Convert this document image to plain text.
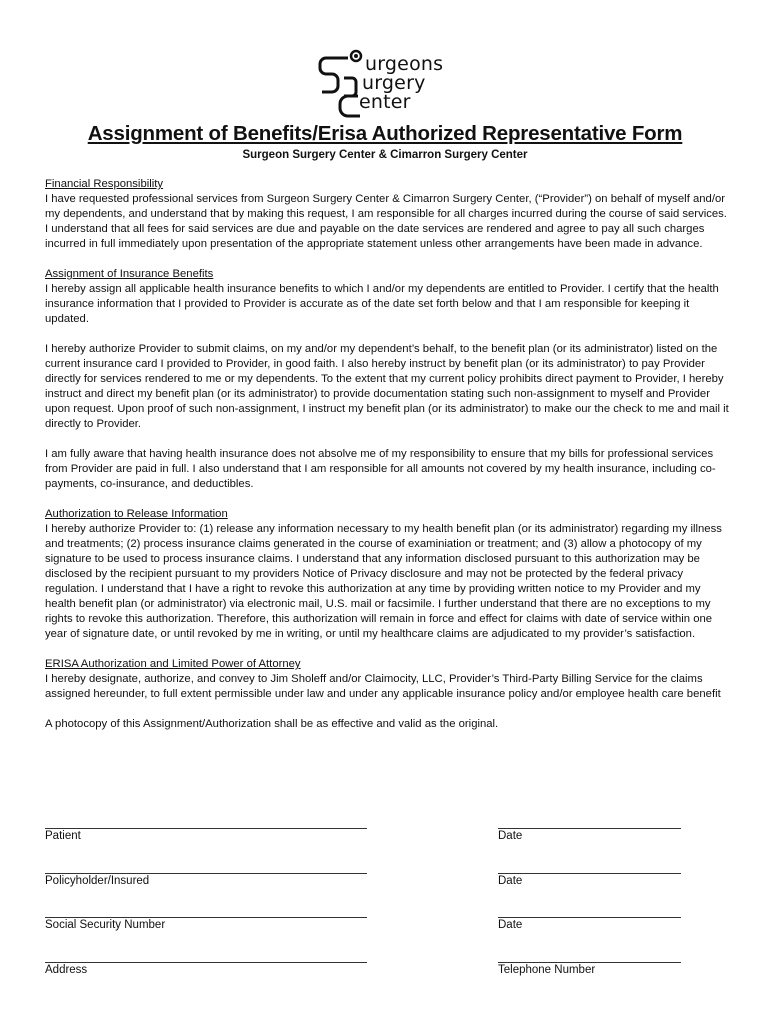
urgeons
urgery
enter
Assignment of Benefits/Erisa Authorized Representative Form
Surgeon Surgery Center & Cimarron Surgery Center
Financial Responsibility

I have requested professional services from Surgeon Surgery Center & Cimarron Surgery Center, (“Provider”) on behalf of myself and/or my dependents, and understand that by making this request, I am responsible for all charges incurred during the course of said services. I understand that all fees for said services are due and payable on the date services are rendered and agree to pay all such charges incurred in full immediately upon presentation of the appropriate statement unless other arrangements have been made in advance.

Assignment of Insurance Benefits

I hereby assign all applicable health insurance benefits to which I and/or my dependents are entitled to Provider. I certify that the health insurance information that I provided to Provider is accurate as of the date set forth below and that I am responsible for keeping it updated.

I hereby authorize Provider to submit claims, on my and/or my dependent’s behalf, to the benefit plan (or its administrator) listed on the current insurance card I provided to Provider, in good faith. I also hereby instruct by benefit plan (or its administrator) to pay Provider directly for services rendered to me or my dependents. To the extent that my current policy prohibits direct payment to Provider, I hereby instruct and direct my benefit plan (or its administrator) to provide documentation stating such non-assignment to myself and Provider upon request. Upon proof of such non-assignment, I instruct my benefit plan (or its administrator) to make our the check to me and mail it directly to Provider.

I am fully aware that having health insurance does not absolve me of my responsibility to ensure that my bills for professional services from Provider are paid in full. I also understand that I am responsible for all amounts not covered by my health insurance, including co-payments, co-insurance, and deductibles.

Authorization to Release Information

I hereby authorize Provider to: (1) release any information necessary to my health benefit plan (or its administrator) regarding my illness and treatments; (2) process insurance claims generated in the course of examiniation or treatment; and (3) allow a photocopy of my signature to be used to process insurance claims. I understand that any information disclosed pursuant to this authorization may be disclosed by the recipient pursuant to my providers Notice of Privacy disclosure and may not be protected by the federal privacy regulation. I understand that I have a right to revoke this authorization at any time by providing written notice to my Provider and my health benefit plan (or administrator) via electronic mail, U.S. mail or facsimile. I further understand that there are no exceptions to my rights to revoke this authorization. Therefore, this authorization will remain in force and effect for claims with date of service within one year of signature date, or until revoked by me in writing, or until my healthcare claims are adjudicated to my provider’s satisfaction.

ERISA Authorization and Limited Power of Attorney

I hereby designate, authorize, and convey to Jim Sholeff and/or Claimocity, LLC, Provider’s Third-Party Billing Service for the claims assigned hereunder, to full extent permissible under law and under any applicable insurance policy and/or employee health care benefit

A photocopy of this Assignment/Authorization shall be as effective and valid as the original.

Patient	Date
Policyholder/Insured	Date
Social Security Number	Date
Address	Telephone Number
